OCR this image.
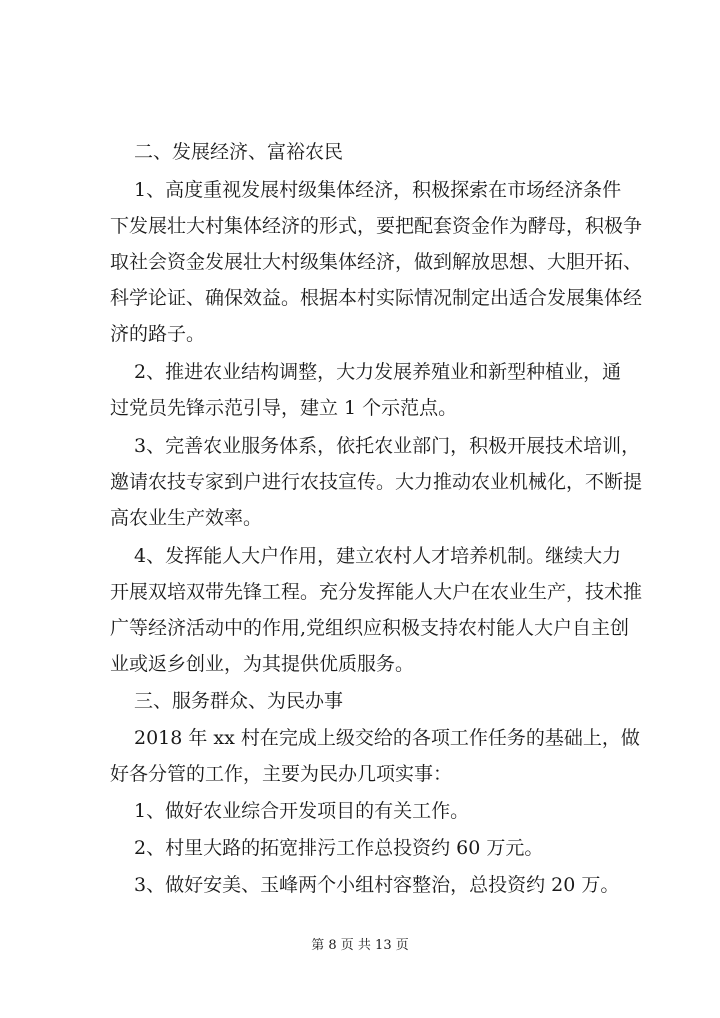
二、发展经济、富裕农民

1、高度重视发展村级集体经济，积极探索在市场经济条件

下发展壮大村集体经济的形式，要把配套资金作为酵母，积极争

取社会资金发展壮大村级集体经济，做到解放思想、大胆开拓、

科学论证、确保效益。根据本村实际情况制定出适合发展集体经

济的路子。

2、推进农业结构调整，大力发展养殖业和新型种植业，通

过党员先锋示范引导，建立 1 个示范点。

3、完善农业服务体系，依托农业部门，积极开展技术培训，

邀请农技专家到户进行农技宣传。大力推动农业机械化，不断提

高农业生产效率。

4、发挥能人大户作用，建立农村人才培养机制。继续大力

开展双培双带先锋工程。充分发挥能人大户在农业生产，技术推

广等经济活动中的作用,党组织应积极支持农村能人大户自主创

业或返乡创业，为其提供优质服务。

三、服务群众、为民办事

2018 年 xx 村在完成上级交给的各项工作任务的基础上，做

好各分管的工作，主要为民办几项实事：

1、做好农业综合开发项目的有关工作。

2、村里大路的拓宽排污工作总投资约 60 万元。

3、做好安美、玉峰两个小组村容整治，总投资约 20 万。

第 8 页 共 13 页
